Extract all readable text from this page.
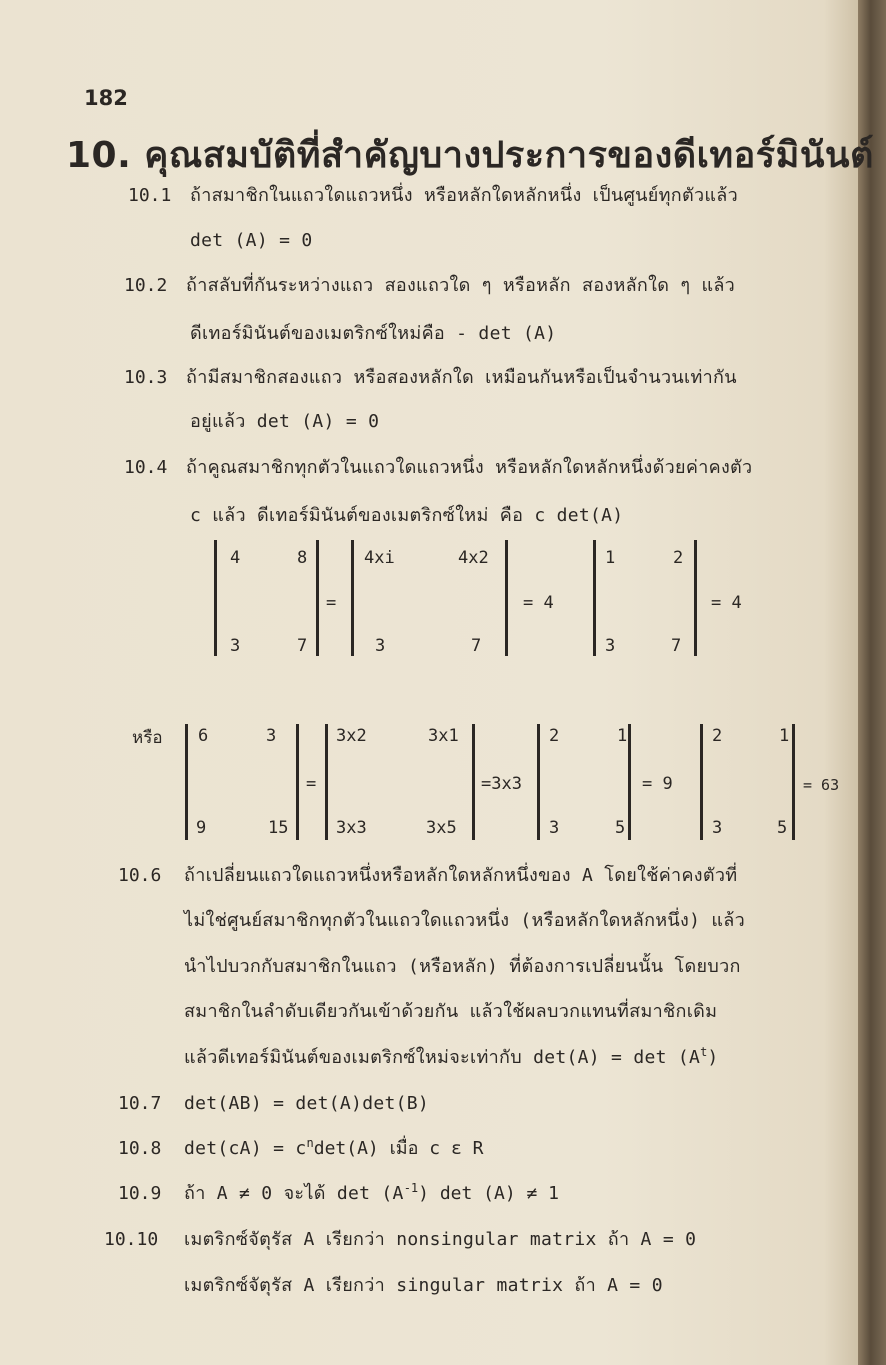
182
10. คุณสมบัติที่สำคัญบางประการของดีเทอร์มินันต์
10.1 ถ้าสมาชิกในแถวใดแถวหนึ่ง หรือหลักใดหลักหนึ่ง เป็นศูนย์ทุกตัวแล้ว
det (A) = 0
10.2 ถ้าสลับที่กันระหว่างแถว สองแถวใด ๆ หรือหลัก สองหลักใด ๆ แล้ว
ดีเทอร์มินันต์ของเมตริกซ์ใหม่คือ - det (A)
10.3 ถ้ามีสมาชิกสองแถว หรือสองหลักใด เหมือนกันหรือเป็นจำนวนเท่ากัน
อยู่แล้ว det (A) = 0
10.4 ถ้าคูณสมาชิกทุกตัวในแถวใดแถวหนึ่ง หรือหลักใดหลักหนึ่งด้วยค่าคงตัว
c แล้ว ดีเทอร์มินันต์ของเมตริกซ์ใหม่ คือ c det(A)
4	8
3	7
=
4xi	4x2
3	7
= 4
1	2
3	7
= 4
หรือ 6	3
9	15
=
3x2	3x1
3x3	3x5
=3x3
2	1
3	5
= 9
2	1
3	5
= 63
10.6 ถ้าเปลี่ยนแถวใดแถวหนึ่งหรือหลักใดหลักหนึ่งของ A โดยใช้ค่าคงตัวที่
ไม่ใช่ศูนย์สมาชิกทุกตัวในแถวใดแถวหนึ่ง (หรือหลักใดหลักหนึ่ง) แล้ว
นำไปบวกกับสมาชิกในแถว (หรือหลัก) ที่ต้องการเปลี่ยนนั้น โดยบวก
สมาชิกในลำดับเดียวกันเข้าด้วยกัน แล้วใช้ผลบวกแทนที่สมาชิกเดิม
แล้วดีเทอร์มินันต์ของเมตริกซ์ใหม่จะเท่ากับ $\det(A) = \det (A^t)$
10.7 det(AB) = det(A)det(B)
10.8 $\det(cA) = c^n\det(A)$ เมื่อ c ε R
10.9 ถ้า A ≠ 0 จะได้ $\det (A^{-1})$ det (A) ≠ 1
10.10 เมตริกซ์จัตุรัส A เรียกว่า nonsingular matrix ถ้า A = 0
เมตริกซ์จัตุรัส A เรียกว่า singular matrix ถ้า A = 0
